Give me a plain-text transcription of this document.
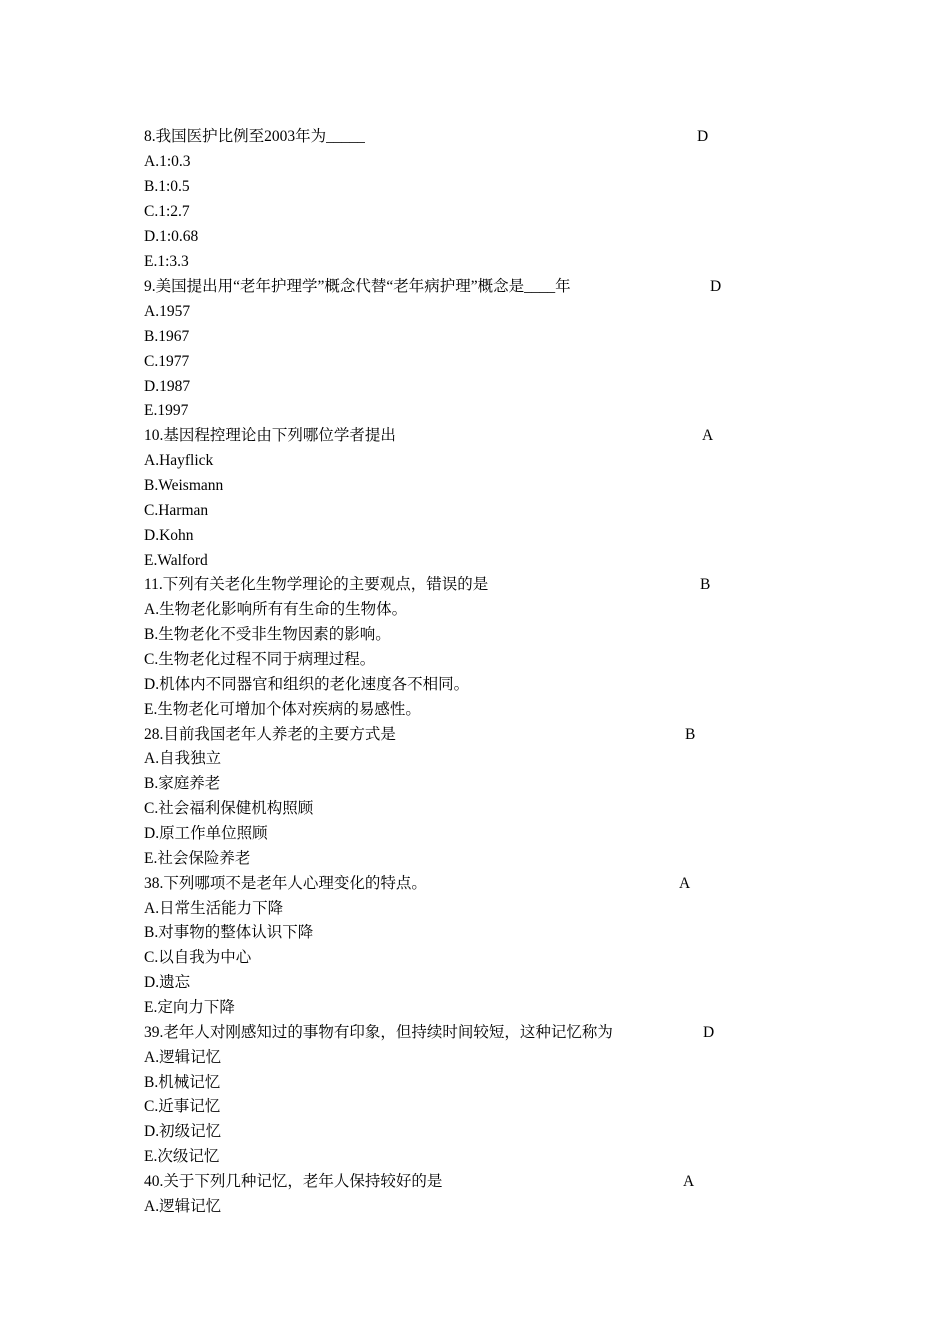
8.我国医护比例至2003年为_____	D
A.1:0.3
B.1:0.5
C.1:2.7
D.1:0.68
E.1:3.3
9.美国提出用“老年护理学”概念代替“老年病护理”概念是____年	D
A.1957
B.1967
C.1977
D.1987
E.1997
10.基因程控理论由下列哪位学者提出	A
A.Hayflick
B.Weismann
C.Harman
D.Kohn
E.Walford
11.下列有关老化生物学理论的主要观点，错误的是	B
A.生物老化影响所有有生命的生物体。
B.生物老化不受非生物因素的影响。
C.生物老化过程不同于病理过程。
D.机体内不同器官和组织的老化速度各不相同。
E.生物老化可增加个体对疾病的易感性。
28.目前我国老年人养老的主要方式是	B
A.自我独立
B.家庭养老
C.社会福利保健机构照顾
D.原工作单位照顾
E.社会保险养老
38.下列哪项不是老年人心理变化的特点。	A
A.日常生活能力下降
B.对事物的整体认识下降
C.以自我为中心
D.遗忘
E.定向力下降
39.老年人对刚感知过的事物有印象，但持续时间较短，这种记忆称为	D
A.逻辑记忆
B.机械记忆
C.近事记忆
D.初级记忆
E.次级记忆
40.关于下列几种记忆，老年人保持较好的是	A
A.逻辑记忆
